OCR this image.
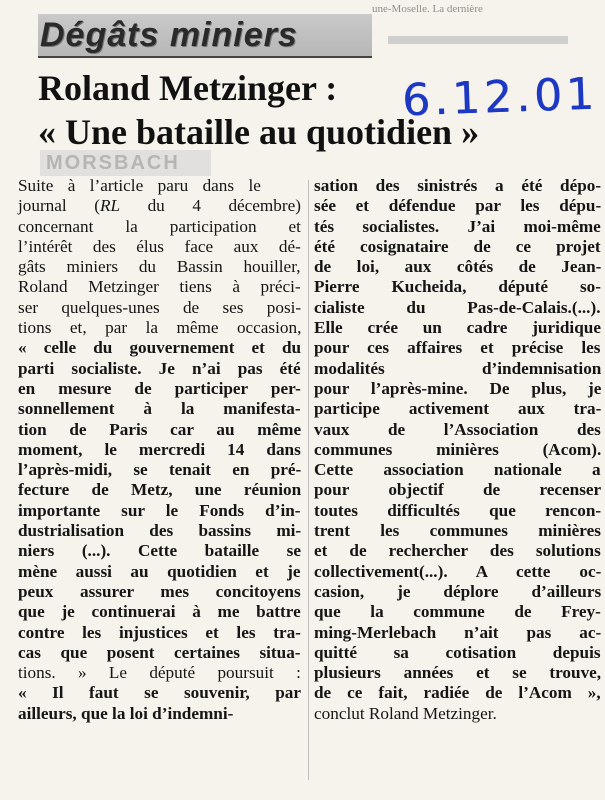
une-Moselle. La dernière
MORSBACH
Dégâts miniers
Roland Metzinger :
« Une bataille au quotidien »
6.12.01
Suite à l’article paru dans le
journal (RL du 4 décembre)
concernant la participation et
l’intérêt des élus face aux dé-
gâts miniers du Bassin houiller,
Roland Metzinger tiens à préci-
ser quelques-unes de ses posi-
tions et, par la même occasion,
« celle du gouvernement et du
parti socialiste. Je n’ai pas été
en mesure de participer per-
sonnellement à la manifesta-
tion de Paris car au même
moment, le mercredi 14 dans
l’après-midi, se tenait en pré-
fecture de Metz, une réunion
importante sur le Fonds d’in-
dustrialisation des bassins mi-
niers (...). Cette bataille se
mène aussi au quotidien et je
peux assurer mes concitoyens
que je continuerai à me battre
contre les injustices et les tra-
cas que posent certaines situa-
tions. » Le député poursuit :
« Il faut se souvenir, par
ailleurs, que la loi d’indemni-
sation des sinistrés a été dépo-
sée et défendue par les dépu-
tés socialistes. J’ai moi-même
été cosignataire de ce projet
de loi, aux côtés de Jean-
Pierre Kucheida, député so-
cialiste du Pas-de-Calais.(...).
Elle crée un cadre juridique
pour ces affaires et précise les
modalités d’indemnisation
pour l’après-mine. De plus, je
participe activement aux tra-
vaux de l’Association des
communes minières (Acom).
Cette association nationale a
pour objectif de recenser
toutes difficultés que rencon-
trent les communes minières
et de rechercher des solutions
collectivement(...). A cette oc-
casion, je déplore d’ailleurs
que la commune de Frey-
ming-Merlebach n’ait pas ac-
quitté sa cotisation depuis
plusieurs années et se trouve,
de ce fait, radiée de l’Acom »,
conclut Roland Metzinger.
